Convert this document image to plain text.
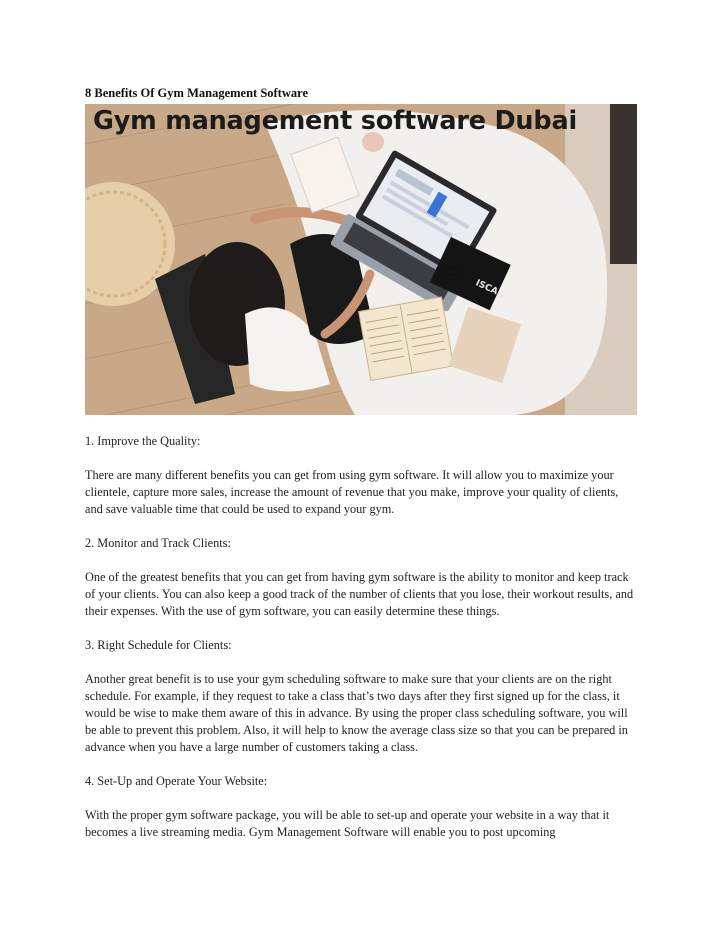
8 Benefits Of Gym Management Software
ISCAR
Gym management software Dubai

1. Improve the Quality:

There are many different benefits you can get from using gym software. It will allow you to maximize your clientele, capture more sales, increase the amount of revenue that you make, improve your quality of clients, and save valuable time that could be used to expand your gym.

2. Monitor and Track Clients:

One of the greatest benefits that you can get from having gym software is the ability to monitor and keep track of your clients. You can also keep a good track of the number of clients that you lose, their workout results, and their expenses. With the use of gym software, you can easily determine these things.

3. Right Schedule for Clients:

Another great benefit is to use your gym scheduling software to make sure that your clients are on the right schedule. For example, if they request to take a class that’s two days after they first signed up for the class, it would be wise to make them aware of this in advance. By using the proper class scheduling software, you will be able to prevent this problem. Also, it will help to know the average class size so that you can be prepared in advance when you have a large number of customers taking a class.

4. Set-Up and Operate Your Website:

With the proper gym software package, you will be able to set-up and operate your website in a way that it becomes a live streaming media. Gym Management Software will enable you to post upcoming
